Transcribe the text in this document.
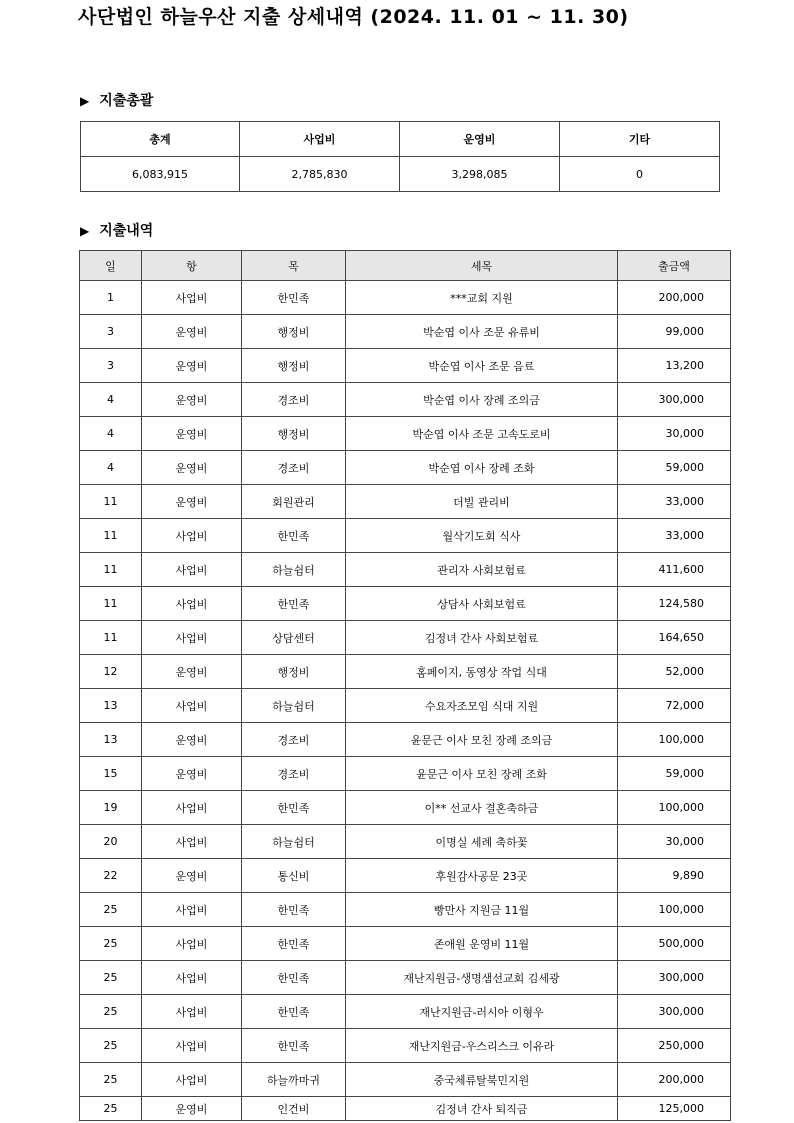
사단법인 하늘우산 지출 상세내역 (2024. 11. 01 ~ 11. 30)
▶ 지출총괄
총계	사업비	운영비	기타
6,083,915	2,785,830	3,298,085	0
▶ 지출내역
일	항	목	세목	출금액
1	사업비	한민족	***교회 지원	200,000
3	운영비	행정비	박순엽 이사 조문 유류비	99,000
3	운영비	행정비	박순엽 이사 조문 음료	13,200
4	운영비	경조비	박순엽 이사 장례 조의금	300,000
4	운영비	행정비	박순엽 이사 조문 고속도로비	30,000
4	운영비	경조비	박순엽 이사 장례 조화	59,000
11	운영비	회원관리	더빌 관리비	33,000
11	사업비	한민족	월삭기도회 식사	33,000
11	사업비	하늘쉼터	관리자 사회보험료	411,600
11	사업비	한민족	상담사 사회보험료	124,580
11	사업비	상담센터	김정녀 간사 사회보험료	164,650
12	운영비	행정비	홈페이지, 동영상 작업 식대	52,000
13	사업비	하늘쉼터	수요자조모임 식대 지원	72,000
13	운영비	경조비	윤문근 이사 모친 장례 조의금	100,000
15	운영비	경조비	윤문근 이사 모친 장례 조화	59,000
19	사업비	한민족	이** 선교사 결혼축하금	100,000
20	사업비	하늘쉼터	이명실 세례 축하꽃	30,000
22	운영비	통신비	후원감사공문 23곳	9,890
25	사업비	한민족	빵만사 지원금 11월	100,000
25	사업비	한민족	존애원 운영비 11월	500,000
25	사업비	한민족	재난지원금-생명샘선교회 김세광	300,000
25	사업비	한민족	재난지원금-러시아 이형우	300,000
25	사업비	한민족	재난지원금-우스리스크 이유라	250,000
25	사업비	하늘까마귀	중국체류탈북민지원	200,000
25	운영비	인건비	김정녀 간사 퇴직금	125,000
